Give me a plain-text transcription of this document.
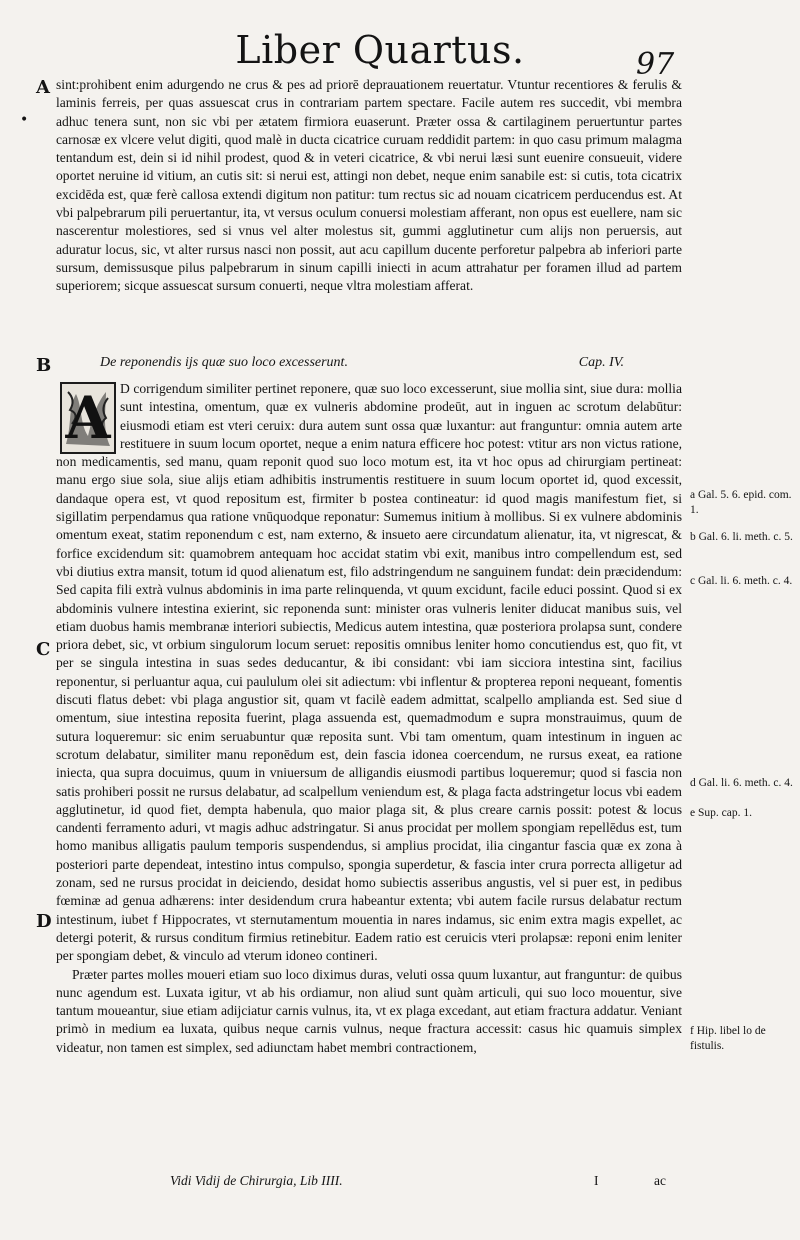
Liber Quartus.	97
A
•
B
C
D

sint:prohibent enim adurgendo ne crus & pes ad priorē deprauationem reuertatur. Vtuntur recentiores & ferulis & laminis ferreis, per quas assuescat crus in contrariam partem spectare. Facile autem res succedit, vbi membra adhuc tenera sunt, non sic vbi per ætatem firmiora euaserunt. Præter ossa & cartilaginem peruertuntur partes carnosæ ex vlcere velut digiti, quod malè in ducta cicatrice curuam reddidit partem: in quo casu primum malagma tentandum est, dein si id nihil prodest, quod & in veteri cicatrice, & vbi nerui læsi sunt euenire consueuit, videre oportet neruine id vitium, an cutis sit: si nerui est, attingi non debet, neque enim sanabile est: si cutis, tota cicatrix excidēda est, quæ ferè callosa extendi digitum non patitur: tum rectus sic ad nouam cicatricem perducendus est. At vbi palpebrarum pili peruertantur, ita, vt versus oculum conuersi molestiam afferant, non opus est euellere, nam sic nascerentur molestiores, sed si vnus vel alter molestus sit, gummi agglutinetur cum alijs non peruersis, aut aduratur locus, sic, vt alter rursus nasci non possit, aut acu capillum ducente perforetur palpebra ab inferiori parte sursum, demissusque pilus palpebrarum in sinum capilli iniecti in acum attrahatur per foramen illud ad partem superiorem; sicque assuescat sursum conuerti, neque vltra molestiam afferat.

De reponendis ijs quæ suo loco excesserunt.	Cap. IV.

D corrigendum similiter pertinet reponere, quæ suo loco excesserunt, siue mollia sint, siue dura: mollia sunt intestina, omentum, quæ ex vulneris abdomine prodeūt, aut in inguen ac scrotum delabūtur: eiusmodi etiam est vteri ceruix: dura autem sunt ossa quæ luxantur: aut franguntur: omnia autem arte restituere in suum locum oportet, neque a enim natura efficere hoc potest: vtitur ars non victus ratione, non medicamentis, sed manu, quam reponit quod suo loco motum est, ita vt hoc opus ad chirurgiam pertineat: manu ergo siue sola, siue alijs etiam adhibitis instrumentis restituere in suum locum oportet id, quod excessit, dandaque opera est, vt quod repositum est, firmiter b postea contineatur: id quod magis manifestum fiet, si sigillatim perpendamus qua ratione vnūquodque reponatur: Sumemus initium à mollibus. Si ex vulnere abdominis omentum exeat, statim reponendum c est, nam externo, & insueto aere circundatum alienatur, ita, vt nigrescat, & forfice excidendum sit: quamobrem antequam hoc accidat statim vbi exit, manibus intro compellendum est, sed vbi diutius extra mansit, totum id quod alienatum est, filo adstringendum ne sanguinem fundat: dein præcidendum: Sed capita fili extrà vulnus abdominis in ima parte relinquenda, vt quum excidunt, facile educi possint. Quod si ex abdominis vulnere intestina exierint, sic reponenda sunt: minister oras vulneris leniter diducat manibus suis, vel etiam duobus hamis membranæ interiori subiectis, Medicus autem intestina, quæ posteriora prolapsa sunt, condere priora debet, sic, vt orbium singulorum locum seruet: repositis omnibus leniter homo concutiendus est, quo fit, vt per se singula intestina in suas sedes deducantur, & ibi considant: vbi iam sicciora intestina sint, facilius reponentur, si perluantur aqua, cui paululum olei sit adiectum: vbi inflentur & propterea reponi nequeant, fomentis discuti flatus debet: vbi plaga angustior sit, quam vt facilè eadem admittat, scalpello amplianda est. Sed siue d omentum, siue intestina reposita fuerint, plaga assuenda est, quemadmodum e supra monstrauimus, quum de sutura loqueremur: sic enim seruabuntur quæ reposita sunt. Vbi tam omentum, quam intestinum in inguen ac scrotum delabatur, similiter manu reponēdum est, dein fascia idonea coercendum, ne rursus exeat, ea ratione iniecta, qua supra docuimus, quum in vniuersum de alligandis eiusmodi partibus loqueremur; quod si fascia non satis prohiberi possit ne rursus delabatur, ad scalpellum veniendum est, & plaga facta adstringetur locus vbi eadem agglutinetur, id quod fiet, dempta habenula, quo maior plaga sit, & plus creare carnis possit: potest & locus candenti ferramento aduri, vt magis adhuc adstringatur. Si anus procidat per mollem spongiam repellēdus est, tum homo manibus alligatis paulum temporis suspendendus, si amplius procidat, ilia cingantur fascia quæ ex zona à posteriori parte dependeat, intestino intus compulso, spongia superdetur, & fascia inter crura porrecta alligetur ad zonam, sed ne rursus procidat in deiciendo, desidat homo subiectis asseribus angustis, vel si puer est, in pedibus fœminæ ad genua adhærens: inter desidendum crura habeantur extenta; vbi autem facile rursus delabatur rectum intestinum, iubet f Hippocrates, vt sternutamentum mouentia in nares indamus, sic enim extra magis expellet, ac detergi poterit, & rursus conditum firmius retinebitur. Eadem ratio est ceruicis vteri prolapsæ: reponi enim leniter per spongiam debet, & vinculo ad vterum idoneo contineri.

Præter partes molles moueri etiam suo loco diximus duras, veluti ossa quum luxantur, aut franguntur: de quibus nunc agendum est. Luxata igitur, vt ab his ordiamur, non aliud sunt quàm articuli, qui suo loco mouentur, sive tantum moueantur, siue etiam adijciatur carnis vulnus, ita, vt ex plaga excedant, aut etiam fractura addatur. Veniant primò in medium ea luxata, quibus neque carnis vulnus, neque fractura accessit: casus hic quamuis simplex videatur, non tamen est simplex, sed adiunctam habet membri contractionem,

A
a Gal. 5. 6. epid. com. 1.
b Gal. 6. li. meth. c. 5.
c Gal. li. 6. meth. c. 4.
d Gal. li. 6. meth. c. 4.
e Sup. cap. 1.
f Hip. libel lo de fistulis.
Vidi Vidij de Chirurgia, Lib IIII.	I	ac
